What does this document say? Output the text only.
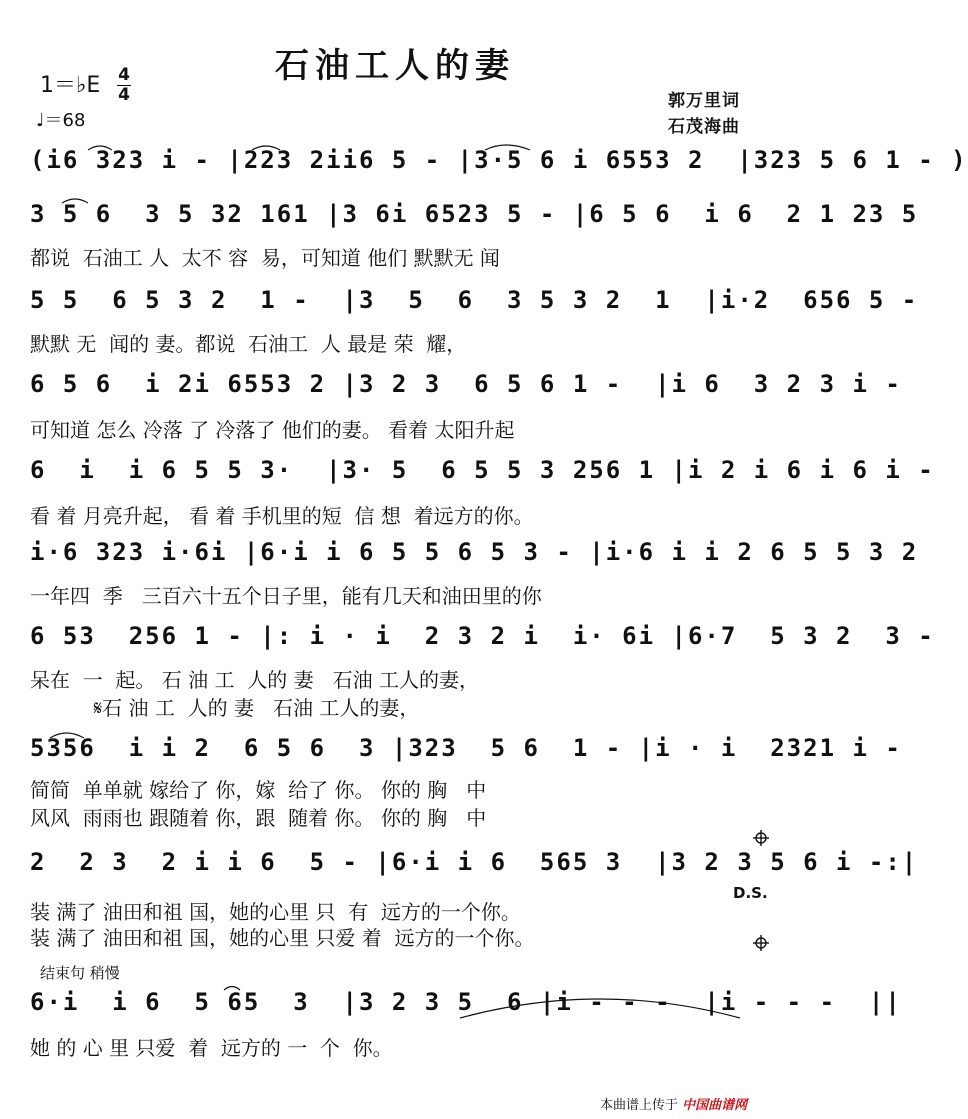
石油工人的妻
1＝♭E 4
4
♩＝68
郭万里词
石茂海曲
(i6 323 i - |223 2ii6 5 - |3·5 6 i 6553 2  |323 5 6 1 - )
3 5 6  3 5 32 161 |3 6i 6523 5 - |6 5 6  i 6  2 1 23 5
都说  石油工 人  太不 容  易，可知道 他们 默默无 闻
5 5  6 5 3 2  1 -  |3  5  6  3 5 3 2  1  |i·2  656 5 -
默默 无  闻的 妻。都说  石油工  人 最是 荣  耀，
6 5 6  i 2i 6553 2 |3 2 3  6 5 6 1 -  |i 6  3 2 3 i -
可知道 怎么 冷落 了 冷落了 他们的妻。 看着 太阳升起
6  i  i 6 5 5 3·  |3· 5  6 5 5 3 256 1 |i 2 i 6 i 6 i -
看 着 月亮升起， 看 着 手机里的短  信 想  着远方的你。
i·6 323 i·6i |6·i i 6 5 5 6 5 3 - |i·6 i i 2 6 5 5 3 2
一年四  季   三百六十五个日子里，能有几天和油田里的你
6 53  256 1 - |: i · i  2 3 2 i  i· 6i |6·7  5 3 2  3 -
呆在  一  起。 石 油 工  人的 妻   石油 工人的妻，
𝄋石 油 工  人的 妻   石油 工人的妻，
5356  i i 2  6 5 6  3 |323  5 6  1 - |i · i  2321 i -
简简  单单就 嫁给了 你，嫁  给了 你。 你的 胸   中
风风  雨雨也 跟随着 你，跟  随着 你。 你的 胸   中
2  2 3  2 i i 6  5 - |6·i i 6  565 3  |3 2 3 5 6 i -:|
装 满了 油田和祖 国，她的心里 只  有  远方的一个你。
装 满了 油田和祖 国，她的心里 只爱 着  远方的一个你。
D.S.
结束句 稍慢
6·i  i 6  5 65  3  |3 2 3 5  6 |i - - -  |i - - -  ||
她 的 心 里 只爱  着  远方的 一  个  你。
本曲谱上传于 中国曲谱网
